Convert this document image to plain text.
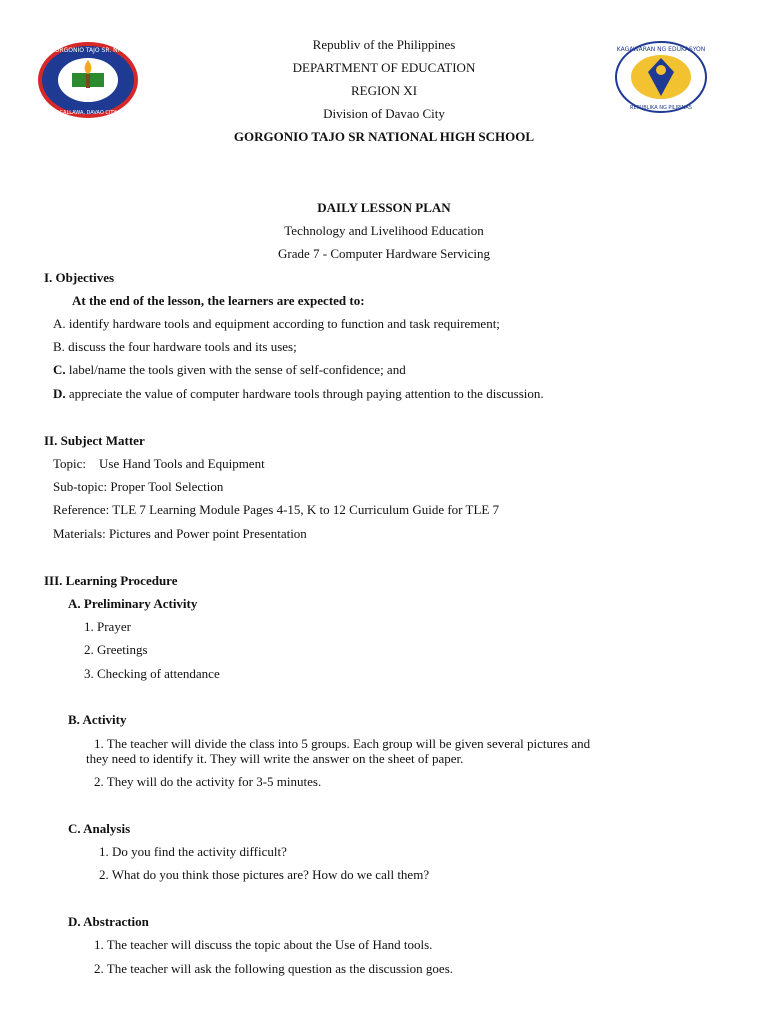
GORGONIO TAJO SR. NHS
CALLAWA, DAVAO CITY
KAGAWARAN NG EDUKASYON
REPUBLIKA NG PILIPINAS
Republiv of the Philippines
DEPARTMENT OF EDUCATION
REGION XI
Division of Davao City
GORGONIO TAJO SR NATIONAL HIGH SCHOOL
DAILY LESSON PLAN
Technology and Livelihood Education
Grade 7 - Computer Hardware Servicing
I. Objectives
At the end of the lesson, the learners are expected to:
A. identify hardware tools and equipment according to function and task requirement;
B. discuss the four hardware tools and its uses;
C. label/name the tools given with the sense of self-confidence; and
D. appreciate the value of computer hardware tools through paying attention to the discussion.
II. Subject Matter
Topic:    Use Hand Tools and Equipment
Sub-topic: Proper Tool Selection
Reference: TLE 7 Learning Module Pages 4-15, K to 12 Curriculum Guide for TLE 7
Materials: Pictures and Power point Presentation
III. Learning Procedure
A. Preliminary Activity
1. Prayer
2. Greetings
3. Checking of attendance
B. Activity
1. The teacher will divide the class into 5 groups. Each group will be given several pictures and
they need to identify it. They will write the answer on the sheet of paper.
2. They will do the activity for 3-5 minutes.
C. Analysis
1. Do you find the activity difficult?
2. What do you think those pictures are? How do we call them?
D. Abstraction
1. The teacher will discuss the topic about the Use of Hand tools.
2. The teacher will ask the following question as the discussion goes.
